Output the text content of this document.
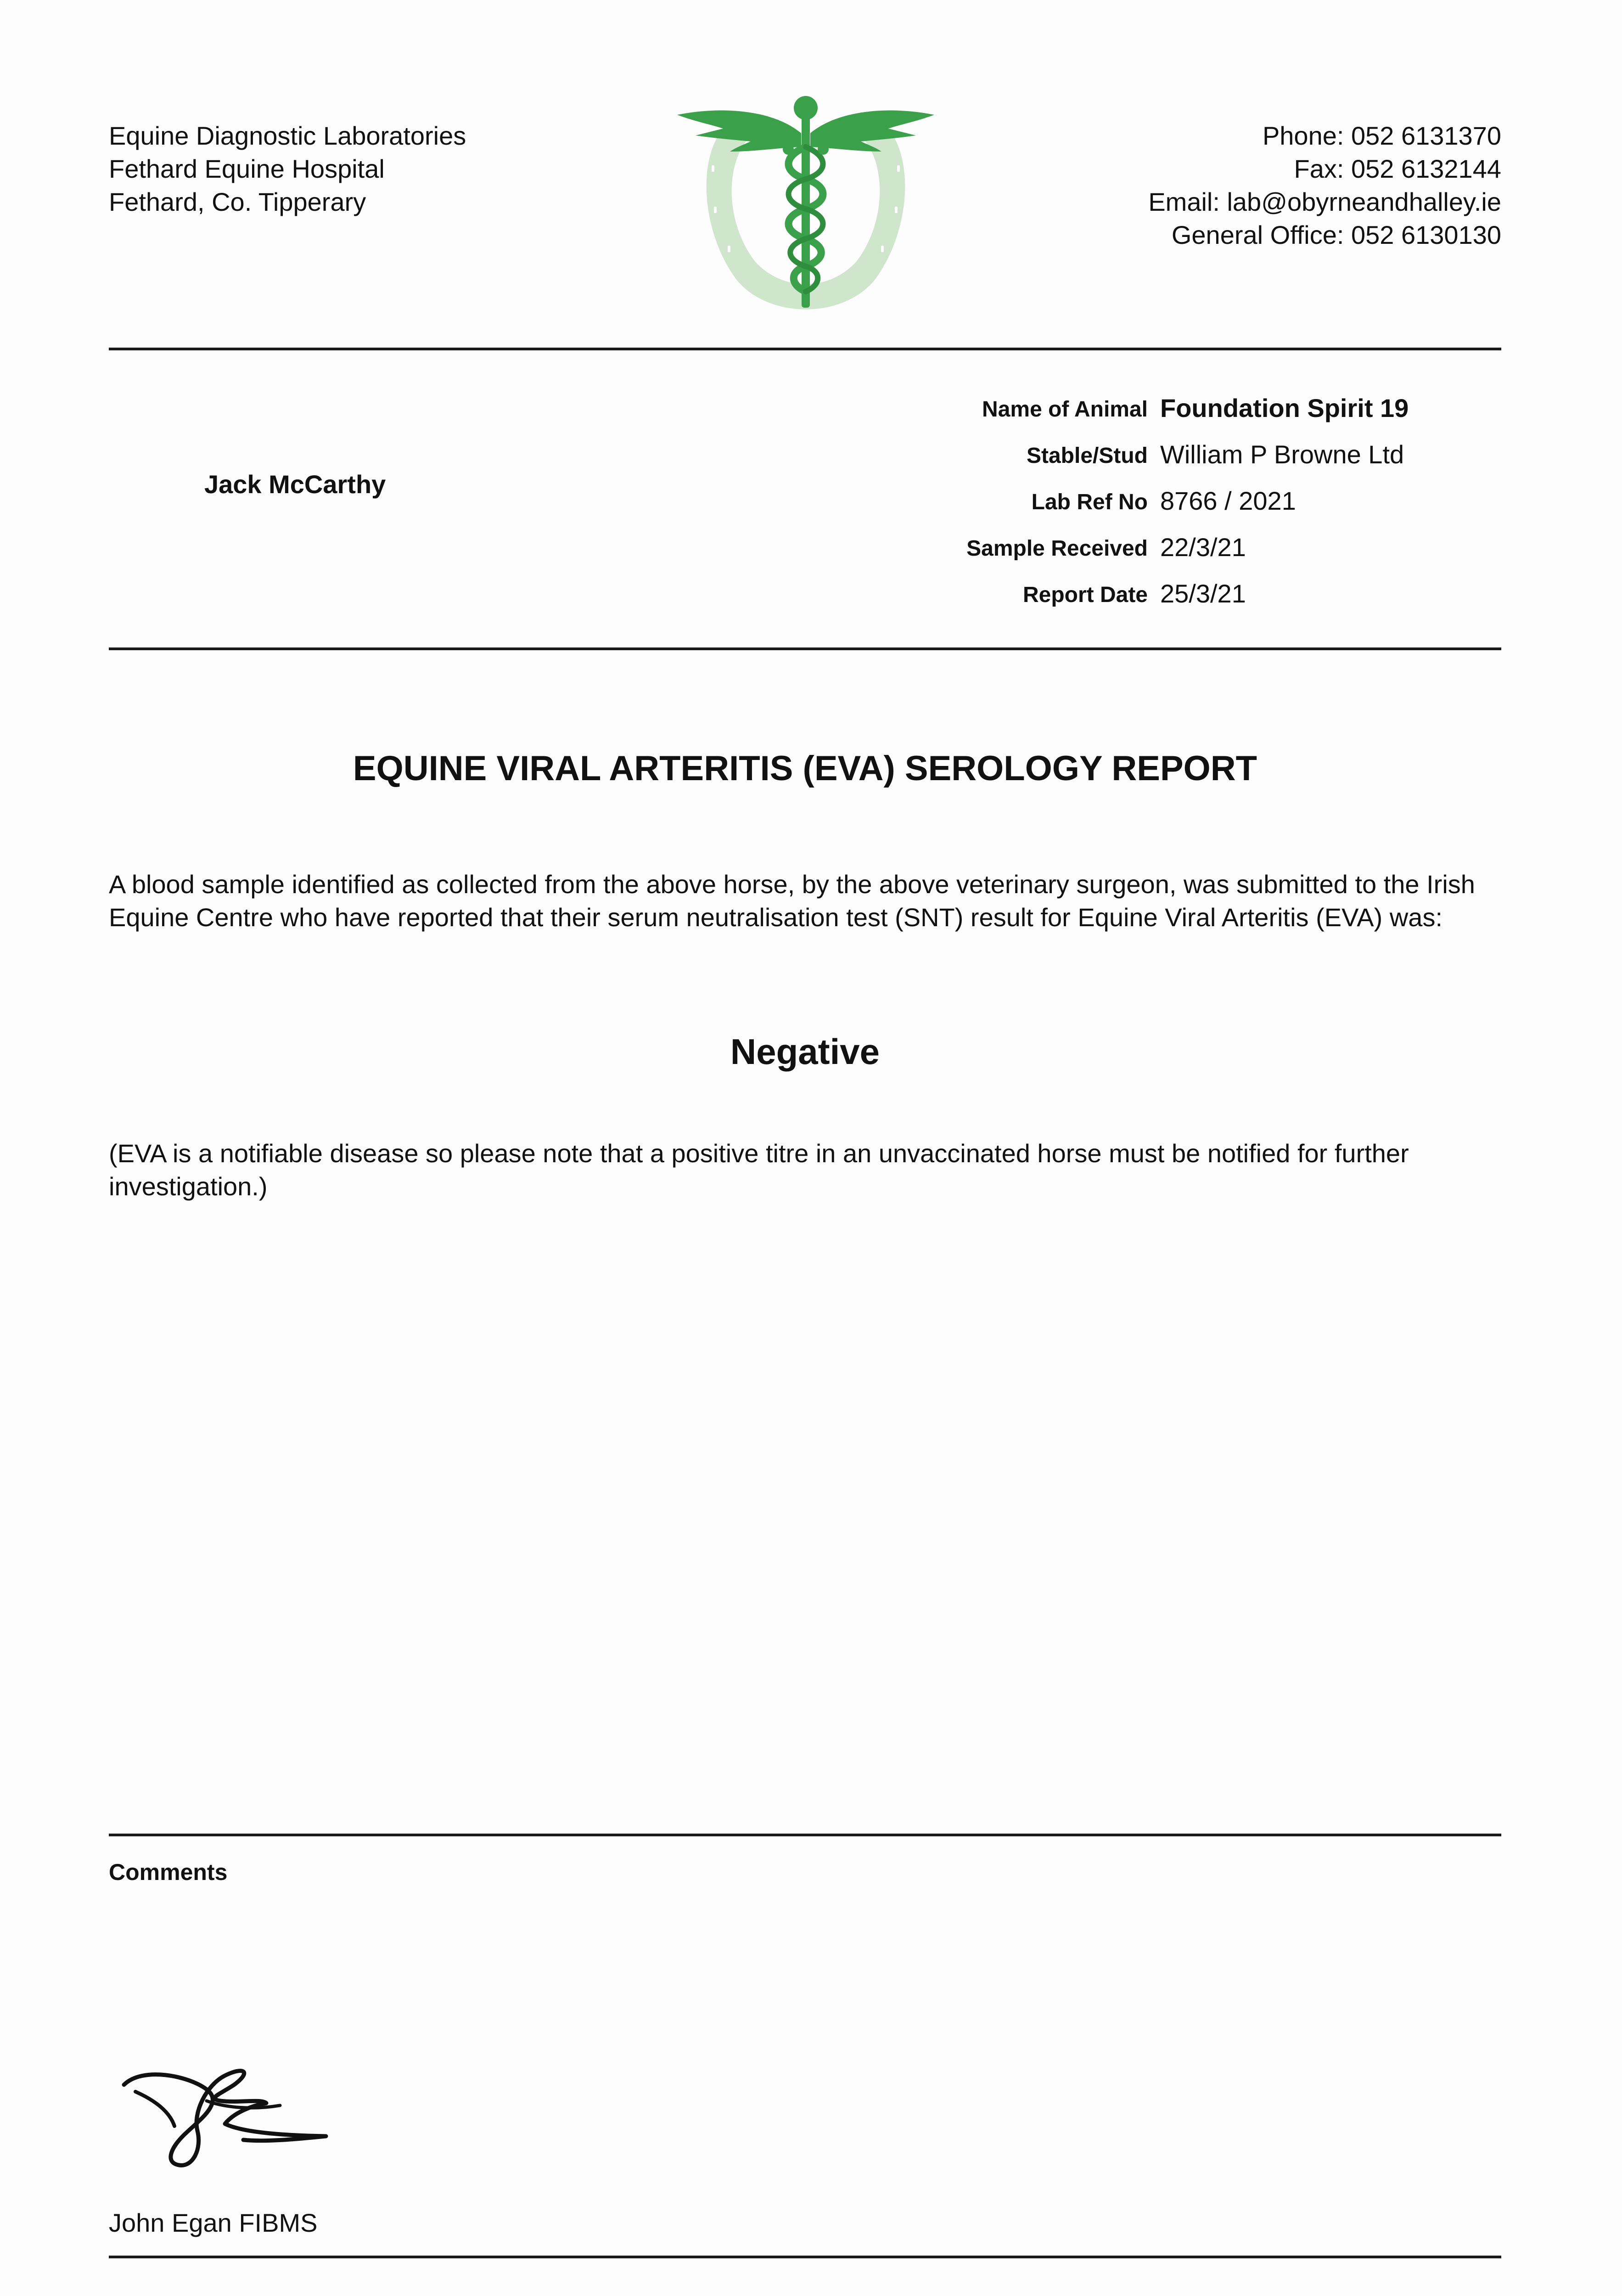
Equine Diagnostic Laboratories
Fethard Equine Hospital
Fethard, Co. Tipperary
Phone: 052 6131370
Fax: 052 6132144
Email: lab@obyrneandhalley.ie
General Office: 052 6130130
Jack McCarthy
Name of Animal Foundation Spirit 19
Stable/Stud William P Browne Ltd
Lab Ref No 8766 / 2021
Sample Received 22/3/21
Report Date 25/3/21
EQUINE VIRAL ARTERITIS (EVA) SEROLOGY REPORT
A blood sample identified as collected from the above horse, by the above veterinary surgeon, was submitted to the Irish Equine Centre who have reported that their serum neutralisation test (SNT) result for Equine Viral Arteritis (EVA) was:
Negative
(EVA is a notifiable disease so please note that a positive titre in an unvaccinated horse must be notified for further investigation.)
Comments
John Egan FIBMS
